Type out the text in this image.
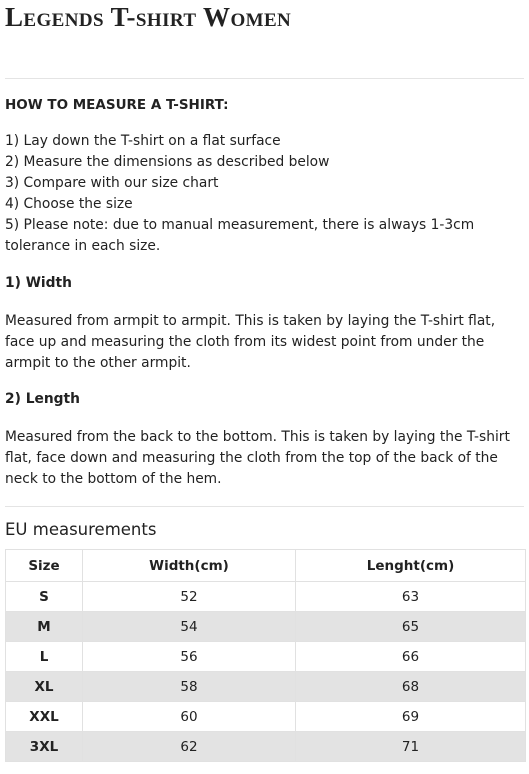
Legends T-shirt Women

HOW TO MEASURE A T-SHIRT:

1) Lay down the T-shirt on a flat surface
2) Measure the dimensions as described below
3) Compare with our size chart
4) Choose the size
5) Please note: due to manual measurement, there is always 1-3cm
tolerance in each size.

1) Width

Measured from armpit to armpit. This is taken by laying the T-shirt flat,
face up and measuring the cloth from its widest point from under the
armpit to the other armpit.

2) Length

Measured from the back to the bottom. This is taken by laying the T-shirt
flat, face down and measuring the cloth from the top of the back of the
neck to the bottom of the hem.

EU measurements

Size	Width(cm)	Lenght(cm)
S	52	63
M	54	65
L	56	66
XL	58	68
XXL	60	69
3XL	62	71
